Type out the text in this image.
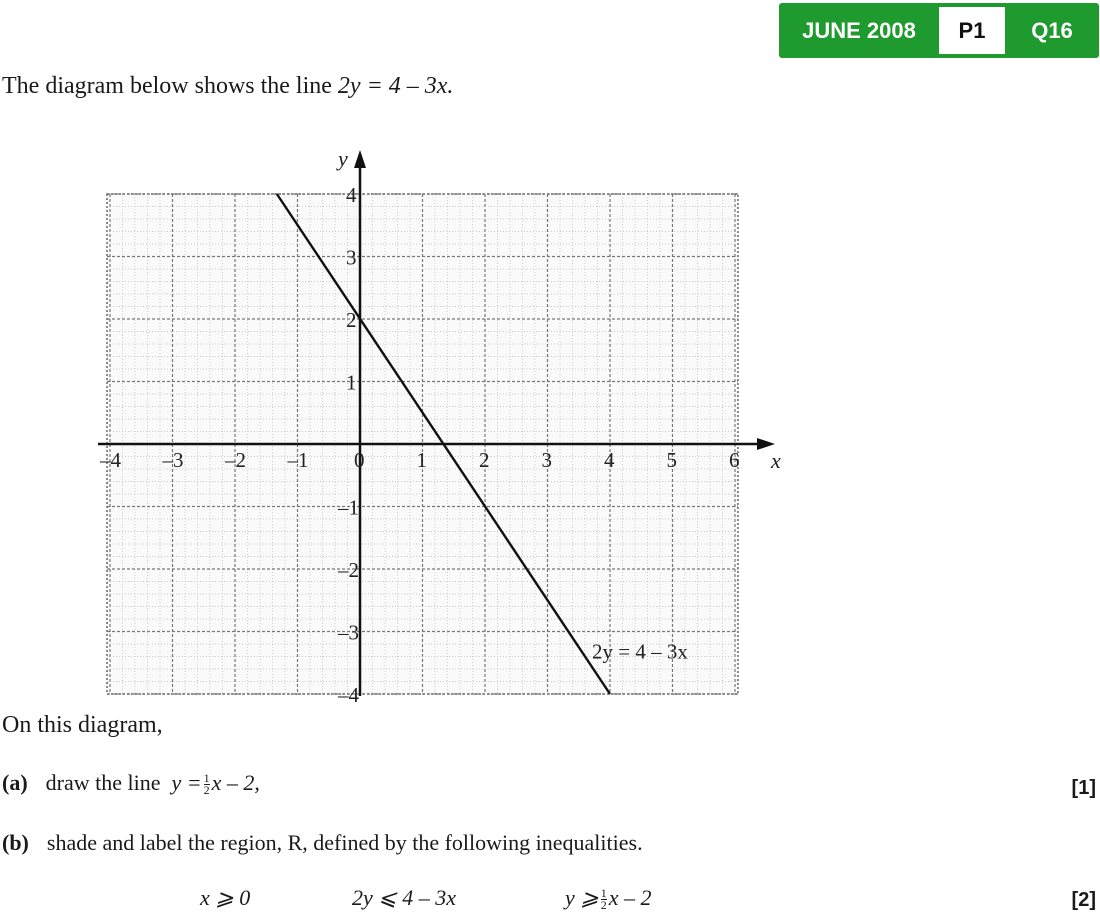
JUNE 2008	P1	Q16
The diagram below shows the line 2y = 4 – 3x.
x
y
–4 –3 –2 –1 0 1 2 3 4 5 6
–4
–3
–2
–1
1
2
3
4
2y = 4 – 3x
On this diagram,
(a) draw the line $y = \frac{1}{2}$ x – 2,	[1]
(b) shade and label the region, R, defined by the following inequalities.
[2]
x ⩾ 0	2y ⩽ 4 – 3x	y ⩾ $\frac{1}{2}$ x – 2
